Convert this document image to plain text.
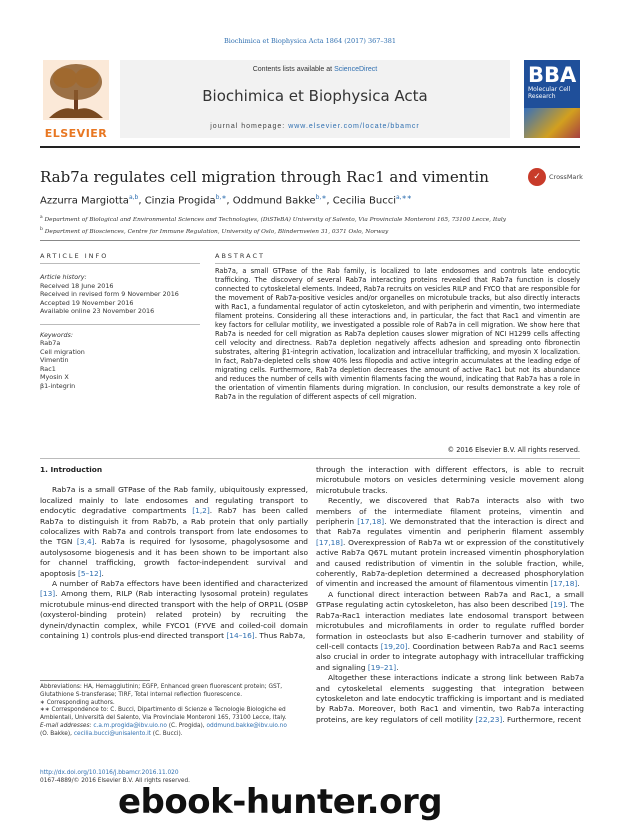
Biochimica et Biophysica Acta 1864 (2017) 367–381
ELSEVIER
Contents lists available at ScienceDirect
Biochimica et Biophysica Acta
journal homepage: www.elsevier.com/locate/bbamcr
BBA
Molecular Cell
Research
Rab7a regulates cell migration through Rac1 and vimentin	✓	CrossMark
Azzurra Margiotta$^{a,b}$, Cinzia Progida$^{b,∗}$, Oddmund Bakke$^{b,∗}$, Cecilia Bucci$^{a,∗∗}$
$^a$ Department of Biological and Environmental Sciences and Technologies, (DiSTeBA) University of Salento, Via Provinciale Monteroni 165, 73100 Lecce, Italy
$^b$ Department of Biosciences, Centre for Immune Regulation, University of Oslo, Blindernveien 31, 0371 Oslo, Norway
ARTICLE INFO	ABSTRACT
Article history:
Received 18 June 2016
Received in revised form 9 November 2016
Accepted 19 November 2016
Available online 23 November 2016
Keywords:
Rab7a
Cell migration
Vimentin
Rac1
Myosin X
β1-integrin
Rab7a, a small GTPase of the Rab family, is localized to late endosomes and controls late endocytic trafficking. The discovery of several Rab7a interacting proteins revealed that Rab7a function is closely connected to cytoskeletal elements. Indeed, Rab7a recruits on vesicles RILP and FYCO that are responsible for the movement of Rab7a-positive vesicles and/or organelles on microtubule tracks, but also directly interacts with Rac1, a fundamental regulator of actin cytoskeleton, and with peripherin and vimentin, two intermediate filament proteins. Considering all these interactions and, in particular, the fact that Rac1 and vimentin are key factors for cellular motility, we investigated a possible role of Rab7a in cell migration. We show here that Rab7a is needed for cell migration as Rab7a depletion causes slower migration of NCI H1299 cells affecting cell velocity and directness. Rab7a depletion negatively affects adhesion and spreading onto fibronectin substrates, altering β1-integrin activation, localization and intracellular trafficking, and myosin X localization. In fact, Rab7a-depleted cells show 40% less filopodia and active integrin accumulates at the leading edge of migrating cells. Furthermore, Rab7a depletion decreases the amount of active Rac1 but not its abundance and reduces the number of cells with vimentin filaments facing the wound, indicating that Rab7a has a role in the orientation of vimentin filaments during migration. In conclusion, our results demonstrate a key role of Rab7a in the regulation of different aspects of cell migration.
© 2016 Elsevier B.V. All rights reserved.
1. Introduction

Rab7a is a small GTPase of the Rab family, ubiquitously expressed, localized mainly to late endosomes and regulating transport to endocytic degradative compartments [1,2]. Rab7 has been called Rab7a to distinguish it from Rab7b, a Rab protein that only partially colocalizes with Rab7a and controls transport from late endosomes to the TGN [3,4]. Rab7a is required for lysosome, phagolysosome and autolysosome biogenesis and it has been shown to be important also for channel trafficking, growth factor-independent survival and apoptosis [5–12].

A number of Rab7a effectors have been identified and characterized [13]. Among them, RILP (Rab interacting lysosomal protein) regulates microtubule minus-end directed transport with the help of ORP1L (OSBP (oxysterol-binding protein) related protein) by recruiting the dynein/dynactin complex, while FYCO1 (FYVE and coiled-coil domain containing 1) controls plus-end directed transport [14–16]. Thus Rab7a,

through the interaction with different effectors, is able to recruit microtubule motors on vesicles determining vesicle movement along microtubule tracks.

Recently, we discovered that Rab7a interacts also with two members of the intermediate filament proteins, vimentin and peripherin [17,18]. We demonstrated that the interaction is direct and that Rab7a regulates vimentin and peripherin filament assembly [17,18]. Overexpression of Rab7a wt or expression of the constitutively active Rab7a Q67L mutant protein increased vimentin phosphorylation and caused redistribution of vimentin in the soluble fraction, while, coherently, Rab7a-depletion determined a decreased phosphorylation of vimentin and increased the amount of filamentous vimentin [17,18].

A functional direct interaction between Rab7a and Rac1, a small GTPase regulating actin cytoskeleton, has also been described [19]. The Rab7a-Rac1 interaction mediates late endosomal transport between microtubules and microfilaments in order to regulate ruffled border formation in osteoclasts but also E-cadherin turnover and stability of cell-cell contacts [19,20]. Coordination between Rab7a and Rac1 seems also crucial in order to integrate autophagy with intracellular trafficking and signaling [19–21].

Altogether these interactions indicate a strong link between Rab7a and cytoskeletal elements suggesting that integration between cytoskeleton and late endocytic trafficking is important and is mediated by Rab7a. Moreover, both Rac1 and vimentin, two Rab7a interacting proteins, are key regulators of cell motility [22,23]. Furthermore, recent

Abbreviations: HA, Hemagglutinin; EGFP, Enhanced green fluorescent protein; GST, Glutathione S-transferase; TIRF, Total internal reflection fluorescence.
∗ Corresponding authors.
∗∗ Correspondence to: C. Bucci, Dipartimento di Scienze e Tecnologie Biologiche ed Ambientali, Università del Salento, Via Provinciale Monteroni 165, 73100 Lecce, Italy.
E-mail addresses: c.a.m.progida@ibv.uio.no (C. Progida), oddmund.bakke@ibv.uio.no
(O. Bakke), cecilia.bucci@unisalento.it (C. Bucci).
http://dx.doi.org/10.1016/j.bbamcr.2016.11.020
0167-4889/© 2016 Elsevier B.V. All rights reserved.
ebook-hunter.org
